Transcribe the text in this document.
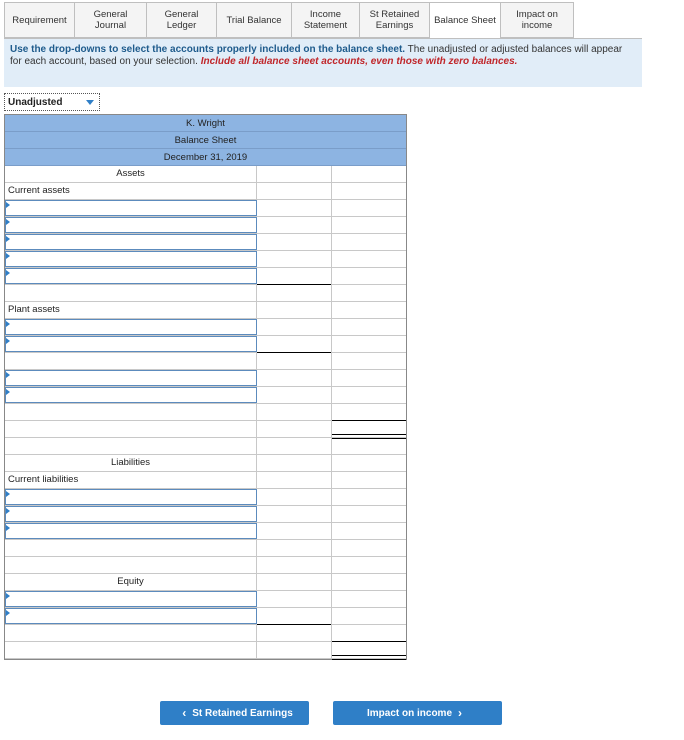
Requirement	General Journal
General Ledger	Trial Balance	Income Statement
St Retained Earnings	Balance Sheet
Impact on income
Use the drop-downs to select the accounts properly included on the balance sheet. The unadjusted or adjusted balances will appear for each account, based on your selection. Include all balance sheet accounts, even those with zero balances.
Unadjusted
K. Wright
Balance Sheet
December 31, 2019
Assets
Current assets
Plant assets
Liabilities
Current liabilities
Equity
‹ St Retained Earnings	Impact on income ›
